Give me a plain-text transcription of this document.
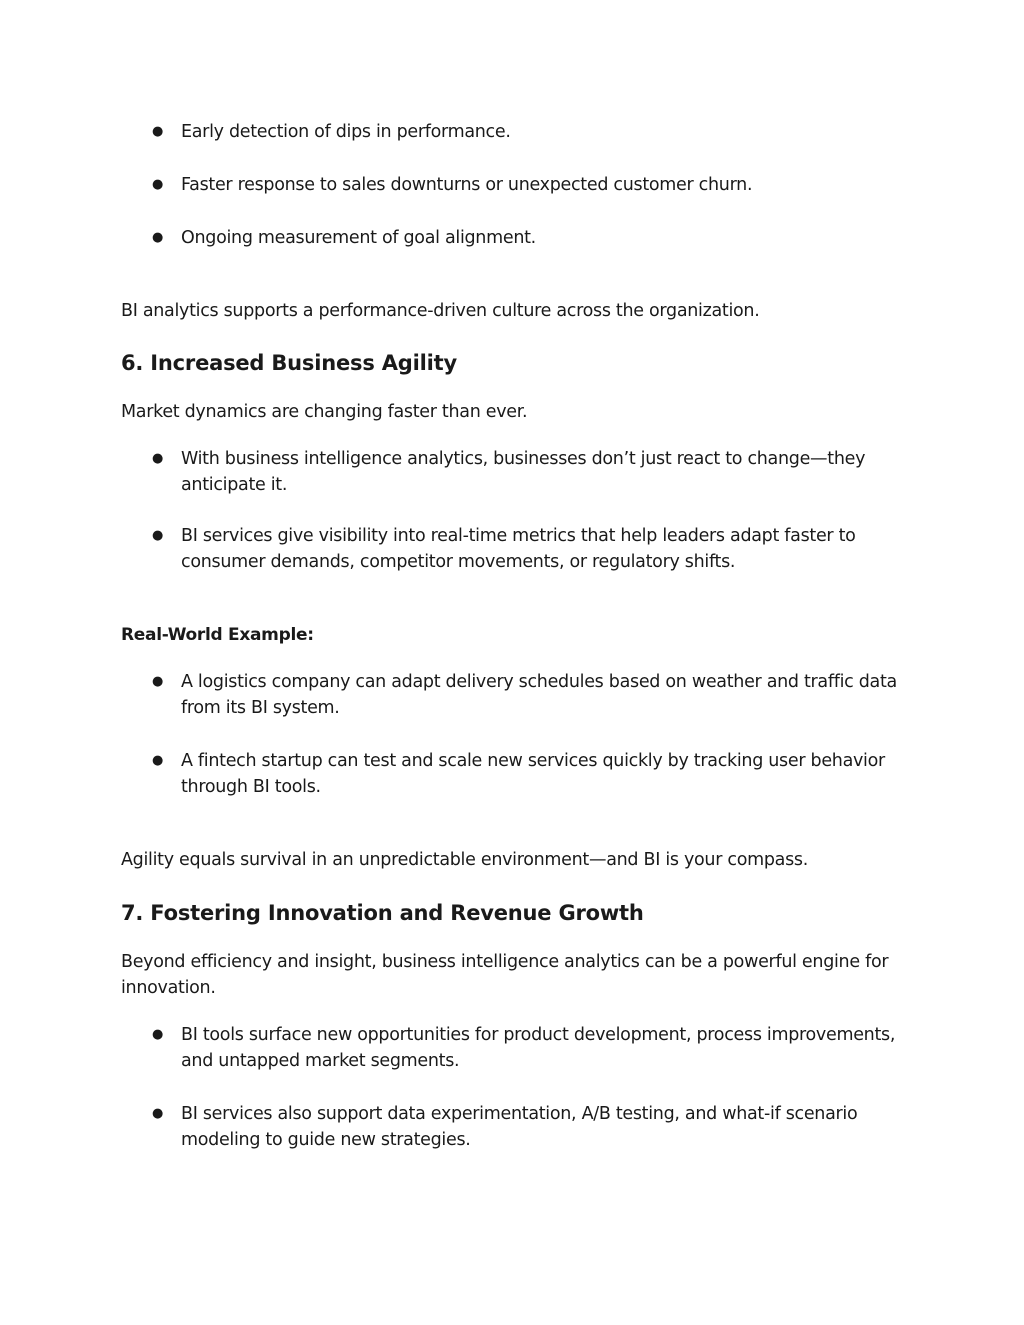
●	Early detection of dips in performance.

●	Faster response to sales downturns or unexpected customer churn.

●	Ongoing measurement of goal alignment.

BI analytics supports a performance-driven culture across the organization.

6. Increased Business Agility

Market dynamics are changing faster than ever.

●	With business intelligence analytics, businesses don’t just react to change—they anticipate it.

●	BI services give visibility into real-time metrics that help leaders adapt faster to consumer demands, competitor movements, or regulatory shifts.

Real-World Example:

●	A logistics company can adapt delivery schedules based on weather and traffic data from its BI system.

●	A fintech startup can test and scale new services quickly by tracking user behavior through BI tools.

Agility equals survival in an unpredictable environment—and BI is your compass.

7. Fostering Innovation and Revenue Growth

Beyond efficiency and insight, business intelligence analytics can be a powerful engine for innovation.

●	BI tools surface new opportunities for product development, process improvements, and untapped market segments.

●	BI services also support data experimentation, A/B testing, and what-if scenario modeling to guide new strategies.
